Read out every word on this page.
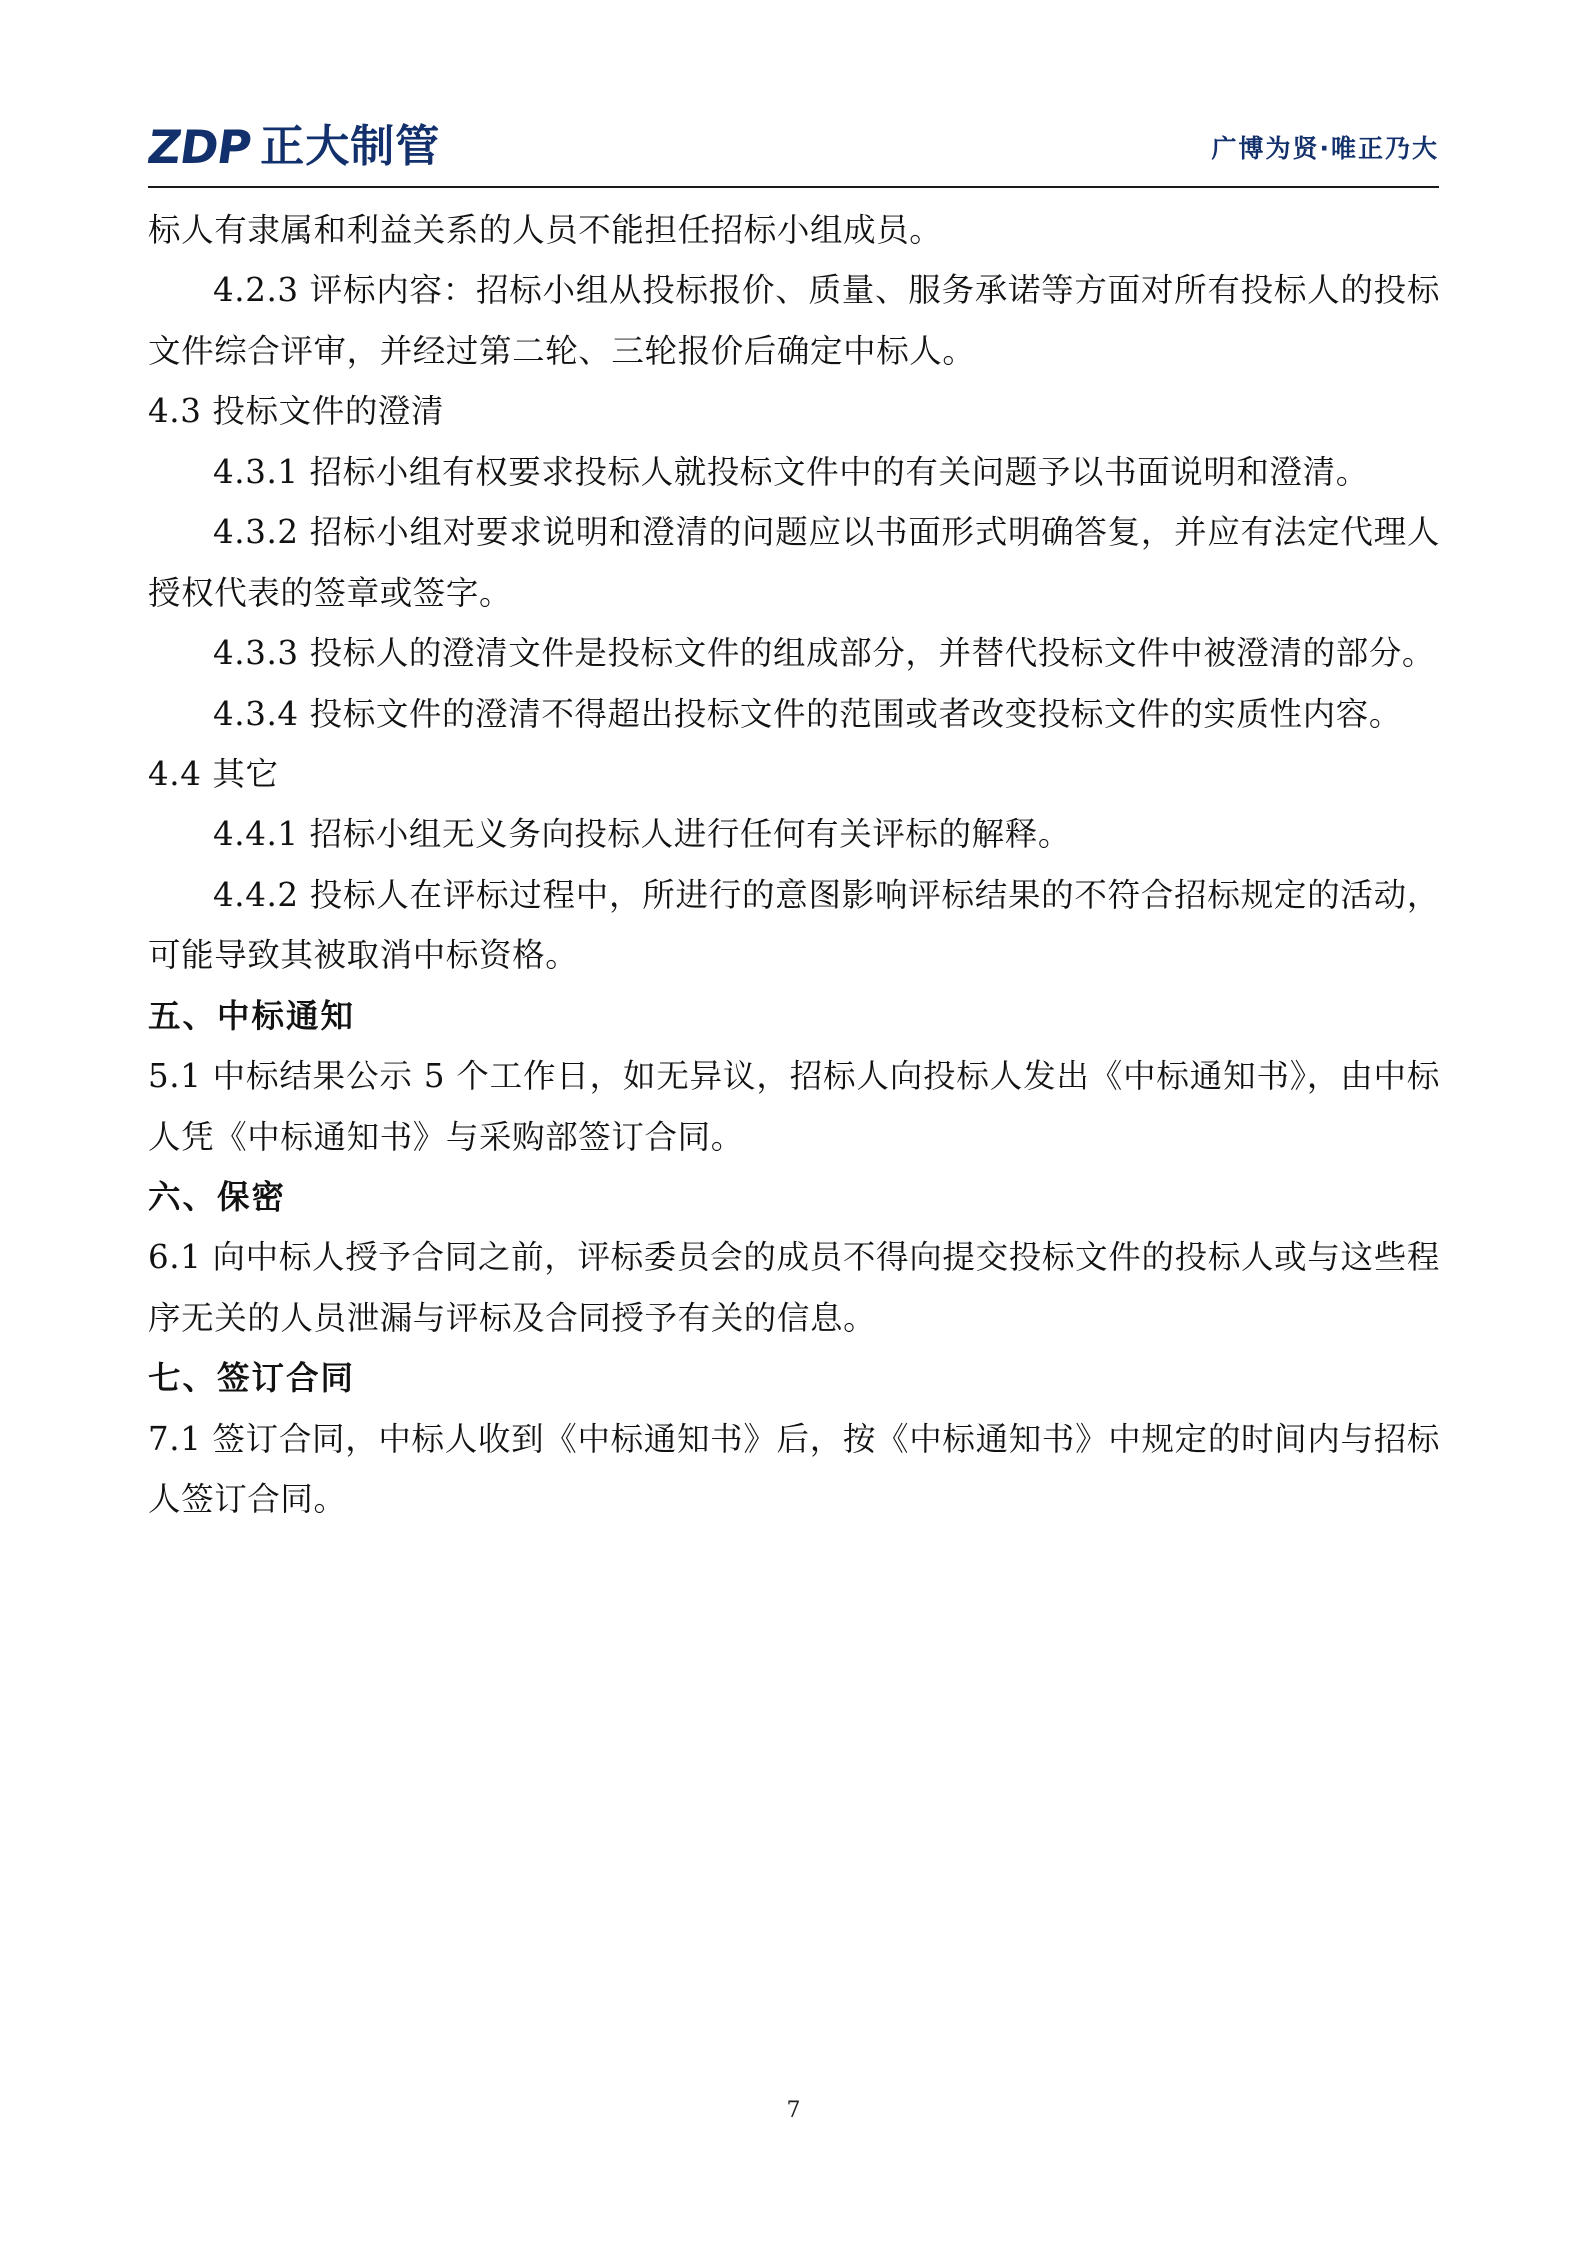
ZDP 正大制管	广博为贤·唯正乃大

标人有隶属和利益关系的人员不能担任招标小组成员。

4.2.3 评标内容：招标小组从投标报价、质量、服务承诺等方面对所有投标人的投标文件综合评审，并经过第二轮、三轮报价后确定中标人。

4.3 投标文件的澄清

4.3.1 招标小组有权要求投标人就投标文件中的有关问题予以书面说明和澄清。

4.3.2 招标小组对要求说明和澄清的问题应以书面形式明确答复，并应有法定代理人授权代表的签章或签字。

4.3.3 投标人的澄清文件是投标文件的组成部分，并替代投标文件中被澄清的部分。

4.3.4 投标文件的澄清不得超出投标文件的范围或者改变投标文件的实质性内容。

4.4 其它

4.4.1 招标小组无义务向投标人进行任何有关评标的解释。

4.4.2 投标人在评标过程中，所进行的意图影响评标结果的不符合招标规定的活动，可能导致其被取消中标资格。

五、中标通知

5.1 中标结果公示 5 个工作日，如无异议，招标人向投标人发出《中标通知书》，由中标人凭《中标通知书》与采购部签订合同。

六、保密

6.1 向中标人授予合同之前，评标委员会的成员不得向提交投标文件的投标人或与这些程序无关的人员泄漏与评标及合同授予有关的信息。

七、签订合同

7.1 签订合同，中标人收到《中标通知书》后，按《中标通知书》中规定的时间内与招标人签订合同。

7
